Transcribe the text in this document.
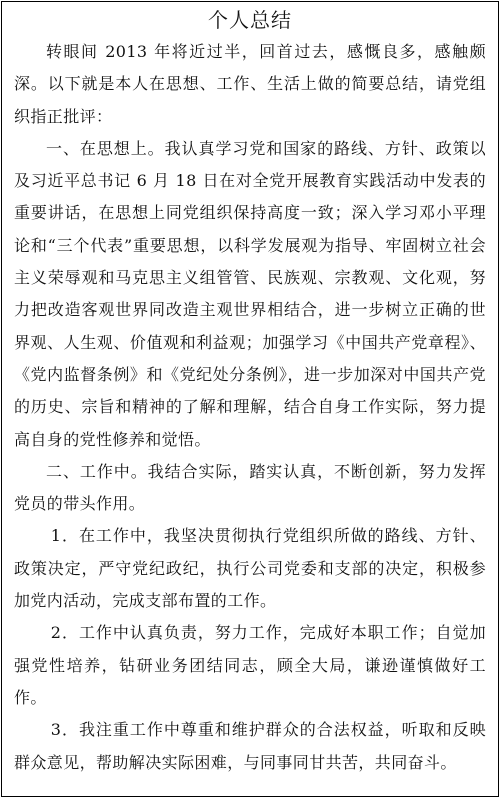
个人总结

转眼间 2013 年将近过半，回首过去，感慨良多，感触颇深。以下就是本人在思想、工作、生活上做的简要总结，请党组织指正批评：

一、在思想上。我认真学习党和国家的路线、方针、政策以及习近平总书记 6 月 18 日在对全党开展教育实践活动中发表的重要讲话，在思想上同党组织保持高度一致；深入学习邓小平理论和“三个代表”重要思想，以科学发展观为指导、牢固树立社会主义荣辱观和马克思主义组管管、民族观、宗教观、文化观，努力把改造客观世界同改造主观世界相结合，进一步树立正确的世界观、人生观、价值观和利益观；加强学习《中国共产党章程》、《党内监督条例》和《党纪处分条例》，进一步加深对中国共产党的历史、宗旨和精神的了解和理解，结合自身工作实际，努力提高自身的党性修养和觉悟。

二、工作中。我结合实际，踏实认真，不断创新，努力发挥党员的带头作用。

1．在工作中，我坚决贯彻执行党组织所做的路线、方针、政策决定，严守党纪政纪，执行公司党委和支部的决定，积极参加党内活动，完成支部布置的工作。

2．工作中认真负责，努力工作，完成好本职工作；自觉加强党性培养，钻研业务团结同志，顾全大局，谦逊谨慎做好工作。

3．我注重工作中尊重和维护群众的合法权益，听取和反映群众意见，帮助解决实际困难，与同事同甘共苦，共同奋斗。
